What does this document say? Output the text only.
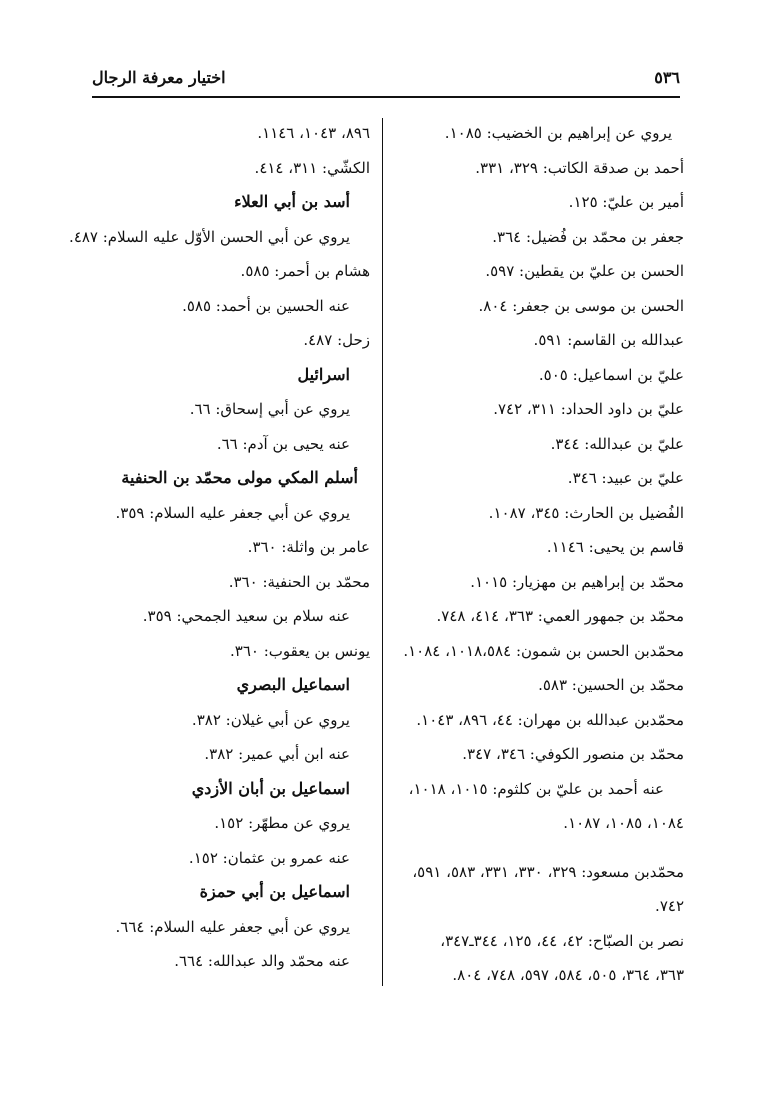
٥٣٦
اختيار معرفة الرجال
يروي عن إبراهيم بن الخضيب: ١٠٨٥.
أحمد بن صدقة الكاتب: ٣٢٩، ٣٣١.
أمير بن عليّ: ١٢٥.
جعفر بن محمّد بن فُضيل: ٣٦٤.
الحسن بن عليّ بن يقطين: ٥٩٧.
الحسن بن موسى بن جعفر: ٨٠٤.
عبدالله بن القاسم: ٥٩١.
عليّ بن اسماعيل: ٥٠٥.
عليّ بن داود الحداد: ٣١١، ٧٤٢.
عليّ بن عبدالله: ٣٤٤.
عليّ بن عبيد: ٣٤٦.
الفُضيل بن الحارث: ٣٤٥، ١٠٨٧.
قاسم بن يحيى: ١١٤٦.
محمّد بن إبراهيم بن مهزيار: ١٠١٥.
محمّد بن جمهور العمي: ٣٦٣، ٤١٤، ٧٤٨.
محمّدبن الحسن بن شمون: ١٠١٨،٥٨٤، ١٠٨٤.
محمّد بن الحسين: ٥٨٣.
محمّدبن عبدالله بن مهران: ٤٤، ٨٩٦، ١٠٤٣.
محمّد بن منصور الكوفي: ٣٤٦، ٣٤٧.
عنه أحمد بن عليّ بن كلثوم: ١٠١٥، ١٠١٨،
١٠٨٤، ١٠٨٥، ١٠٨٧.
محمّدبن مسعود: ٣٢٩، ٣٣٠، ٣٣١، ٥٨٣، ٥٩١،
٧٤٢.
نصر بن الصبّاح: ٤٢، ٤٤، ١٢٥، ٣٤٤ـ٣٤٧،
٣٦٣، ٣٦٤، ٥٠٥، ٥٨٤، ٥٩٧، ٧٤٨، ٨٠٤.
٨٩٦، ١٠٤٣، ١١٤٦.
الكشّي: ٣١١، ٤١٤.
أسد بن أبي العلاء
يروي عن أبي الحسن الأوّل عليه السلام: ٤٨٧.
هشام بن أحمر: ٥٨٥.
عنه الحسين بن أحمد: ٥٨٥.
زحل: ٤٨٧.
اسرائيل
يروي عن أبي إسحاق: ٦٦.
عنه يحيى بن آدم: ٦٦.
أسلم المكي مولى محمّد بن الحنفية
يروي عن أبي جعفر عليه السلام: ٣٥٩.
عامر بن واثلة: ٣٦٠.
محمّد بن الحنفية: ٣٦٠.
عنه سلام بن سعيد الجمحي: ٣٥٩.
يونس بن يعقوب: ٣٦٠.
اسماعيل البصري
يروي عن أبي غيلان: ٣٨٢.
عنه ابن أبي عمير: ٣٨٢.
اسماعيل بن أبان الأزدي
يروي عن مطهّر: ١٥٢.
عنه عمرو بن عثمان: ١٥٢.
اسماعيل بن أبي حمزة
يروي عن أبي جعفر عليه السلام: ٦٦٤.
عنه محمّد والد عبدالله: ٦٦٤.
